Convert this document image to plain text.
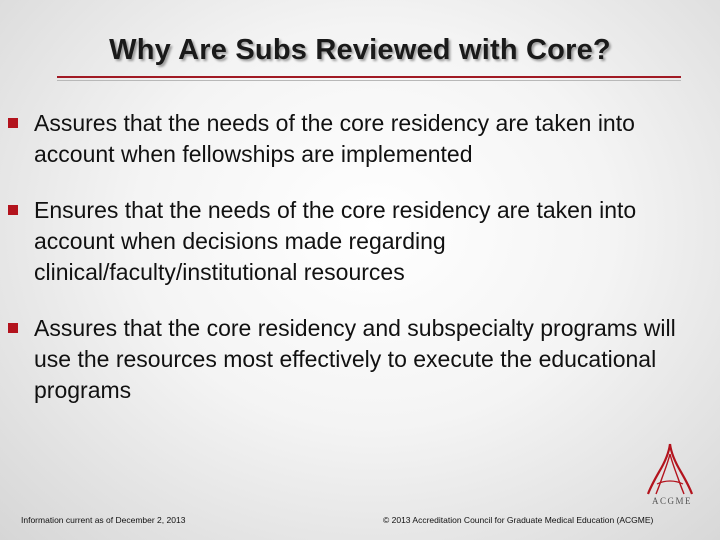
Why Are Subs Reviewed with Core?
Assures that the needs of the core residency are taken into account when fellowships are implemented
Ensures that the needs of the core residency are taken into account when decisions made regarding clinical/faculty/institutional resources
Assures that the core residency and subspecialty programs will use the resources most effectively to execute the educational programs
ACGME
Information current as of December 2, 2013	© 2013 Accreditation Council for Graduate Medical Education (ACGME)
